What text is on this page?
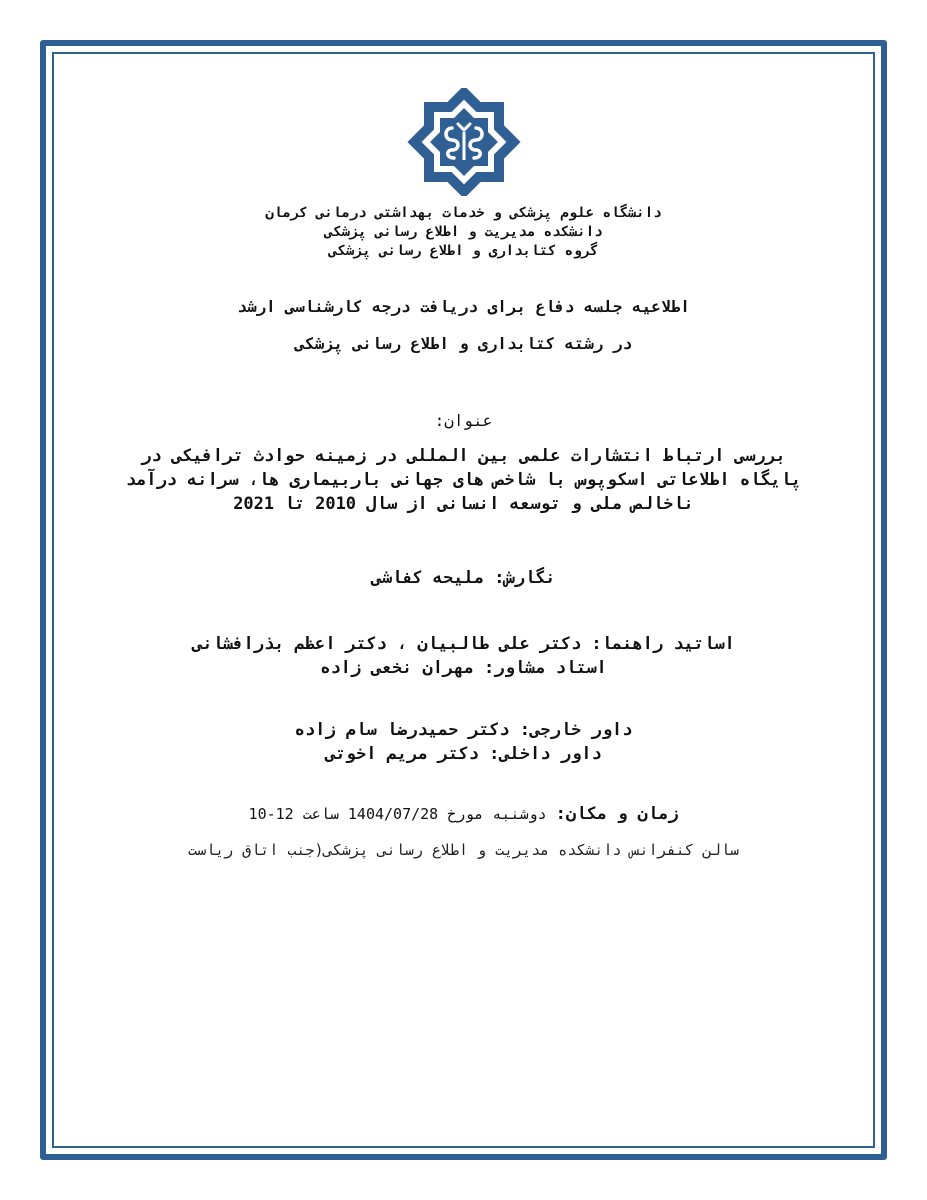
دانشگاه علوم پزشکی و خدمات بهداشتی درمانی کرمان
دانشکده مدیریت و اطلاع رسانی پزشکی
گروه کتابداری و اطلاع رسانی پزشکی
اطلاعیه جلسه دفاع برای دریافت درجه کارشناسی ارشد
در رشته کتابداری و اطلاع رسانی پزشکی
عنوان:
بررسی ارتباط انتشارات علمی بین المللی در زمینه حوادث ترافیکی در پایگاه اطلاعاتی اسکوپوس با شاخص های جهانی باربیماری ها، سرانه درآمد ناخالص ملی و توسعه انسانی از سال 2010 تا 2021
نگارش: ملیحه کفاشی
اساتید راهنما: دکتر علی طالبیان ، دکتر اعظم بذرافشانی
استاد مشاور: مهران نخعی زاده
داور خارجی: دکتر حمیدرضا سام زاده
داور داخلی: دکتر مریم اخوتی
زمان و مکان: دوشنبه مورخ 1404/07/28 ساعت 12-10
سالن کنفرانس دانشکده مدیریت و اطلاع رسانی پزشکی(جنب اتاق ریاست
